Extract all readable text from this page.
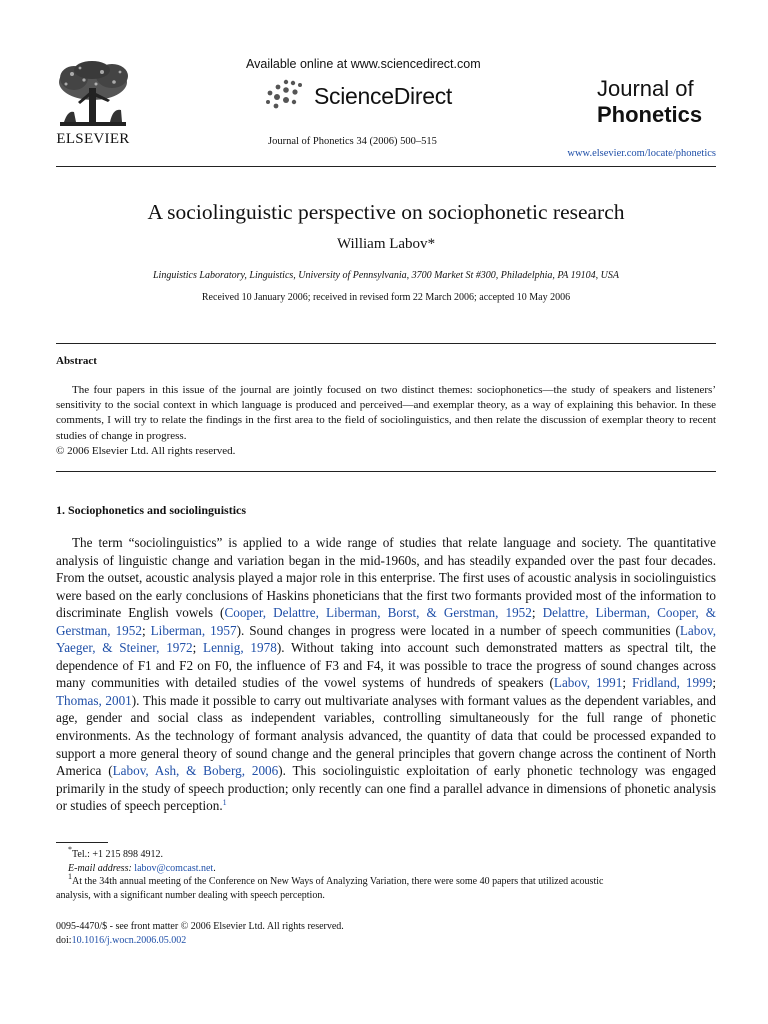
ELSEVIER
Available online at www.sciencedirect.com
ScienceDirect
Journal of Phonetics 34 (2006) 500–515
Journal of
Phonetics
www.elsevier.com/locate/phonetics
A sociolinguistic perspective on sociophonetic research
William Labov*
Linguistics Laboratory, Linguistics, University of Pennsylvania, 3700 Market St #300, Philadelphia, PA 19104, USA
Received 10 January 2006; received in revised form 22 March 2006; accepted 10 May 2006
Abstract

The four papers in this issue of the journal are jointly focused on two distinct themes: sociophonetics—the study of speakers and listeners’ sensitivity to the social context in which language is produced and perceived—and exemplar theory, as a way of explaining this behavior. In these comments, I will try to relate the findings in the first area to the field of sociolinguistics, and then relate the discussion of exemplar theory to recent studies of change in progress.

© 2006 Elsevier Ltd. All rights reserved.

1. Sociophonetics and sociolinguistics

The term “sociolinguistics” is applied to a wide range of studies that relate language and society. The quantitative analysis of linguistic change and variation began in the mid-1960s, and has steadily expanded over the past four decades. From the outset, acoustic analysis played a major role in this enterprise. The first uses of acoustic analysis in sociolinguistics were based on the early conclusions of Haskins phoneticians that the first two formants provided most of the information to discriminate English vowels (Cooper, Delattre, Liberman, Borst, & Gerstman, 1952; Delattre, Liberman, Cooper, & Gerstman, 1952; Liberman, 1957). Sound changes in progress were located in a number of speech communities (Labov, Yaeger, & Steiner, 1972; Lennig, 1978). Without taking into account such demonstrated matters as spectral tilt, the dependence of F1 and F2 on F0, the influence of F3 and F4, it was possible to trace the progress of sound changes across many communities with detailed studies of the vowel systems of hundreds of speakers (Labov, 1991; Fridland, 1999; Thomas, 2001). This made it possible to carry out multivariate analyses with formant values as the dependent variables, and age, gender and social class as independent variables, controlling simultaneously for the full range of phonetic environments. As the technology of formant analysis advanced, the quantity of data that could be processed expanded to support a more general theory of sound change and the general principles that govern change across the continent of North America (Labov, Ash, & Boberg, 2006). This sociolinguistic exploitation of early phonetic technology was engaged primarily in the study of speech production; only recently can one find a parallel advance in dimensions of phonetic analysis or studies of speech perception.$^1$

*Tel.: +1 215 898 4912.

E-mail address: labov@comcast.net.

$^1$At the 34th annual meeting of the Conference on New Ways of Analyzing Variation, there were some 40 papers that utilized acoustic

analysis, with a significant number dealing with speech perception.

0095-4470/$ - see front matter © 2006 Elsevier Ltd. All rights reserved.

doi:10.1016/j.wocn.2006.05.002
